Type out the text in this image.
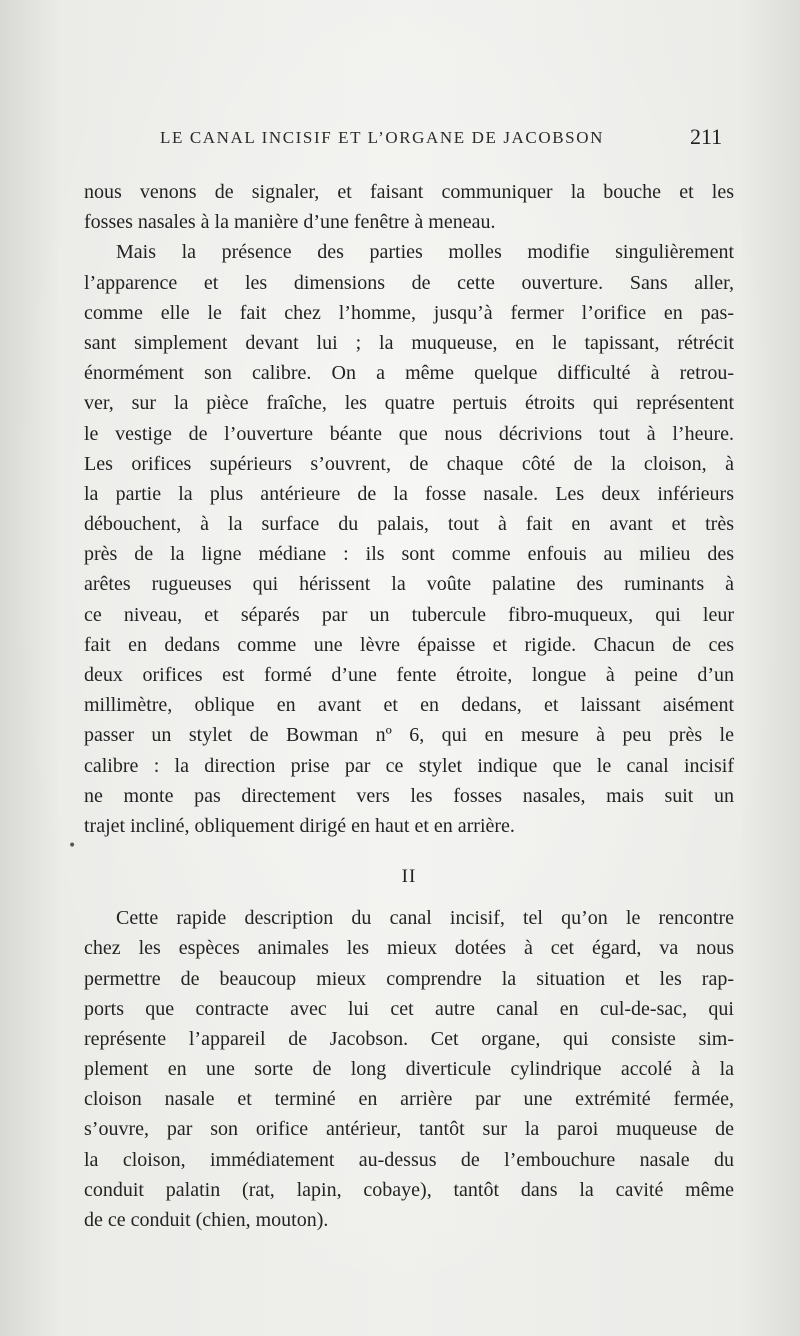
LE CANAL INCISIF ET L’ORGANE DE JACOBSON	211
•
nous venons de signaler, et faisant communiquer la bouche et les
fosses nasales à la manière d’une fenêtre à meneau.
Mais la présence des parties molles modifie singulièrement
l’apparence et les dimensions de cette ouverture. Sans aller,
comme elle le fait chez l’homme, jusqu’à fermer l’orifice en pas-
sant simplement devant lui ; la muqueuse, en le tapissant, rétrécit
énormément son calibre. On a même quelque difficulté à retrou-
ver, sur la pièce fraîche, les quatre pertuis étroits qui représentent
le vestige de l’ouverture béante que nous décrivions tout à l’heure.
Les orifices supérieurs s’ouvrent, de chaque côté de la cloison, à
la partie la plus antérieure de la fosse nasale. Les deux inférieurs
débouchent, à la surface du palais, tout à fait en avant et très
près de la ligne médiane : ils sont comme enfouis au milieu des
arêtes rugueuses qui hérissent la voûte palatine des ruminants à
ce niveau, et séparés par un tubercule fibro-muqueux, qui leur
fait en dedans comme une lèvre épaisse et rigide. Chacun de ces
deux orifices est formé d’une fente étroite, longue à peine d’un
millimètre, oblique en avant et en dedans, et laissant aisément
passer un stylet de Bowman nº 6, qui en mesure à peu près le
calibre : la direction prise par ce stylet indique que le canal incisif
ne monte pas directement vers les fosses nasales, mais suit un
trajet incliné, obliquement dirigé en haut et en arrière.
II
Cette rapide description du canal incisif, tel qu’on le rencontre
chez les espèces animales les mieux dotées à cet égard, va nous
permettre de beaucoup mieux comprendre la situation et les rap-
ports que contracte avec lui cet autre canal en cul-de-sac, qui
représente l’appareil de Jacobson. Cet organe, qui consiste sim-
plement en une sorte de long diverticule cylindrique accolé à la
cloison nasale et terminé en arrière par une extrémité fermée,
s’ouvre, par son orifice antérieur, tantôt sur la paroi muqueuse de
la cloison, immédiatement au-dessus de l’embouchure nasale du
conduit palatin (rat, lapin, cobaye), tantôt dans la cavité même
de ce conduit (chien, mouton).
